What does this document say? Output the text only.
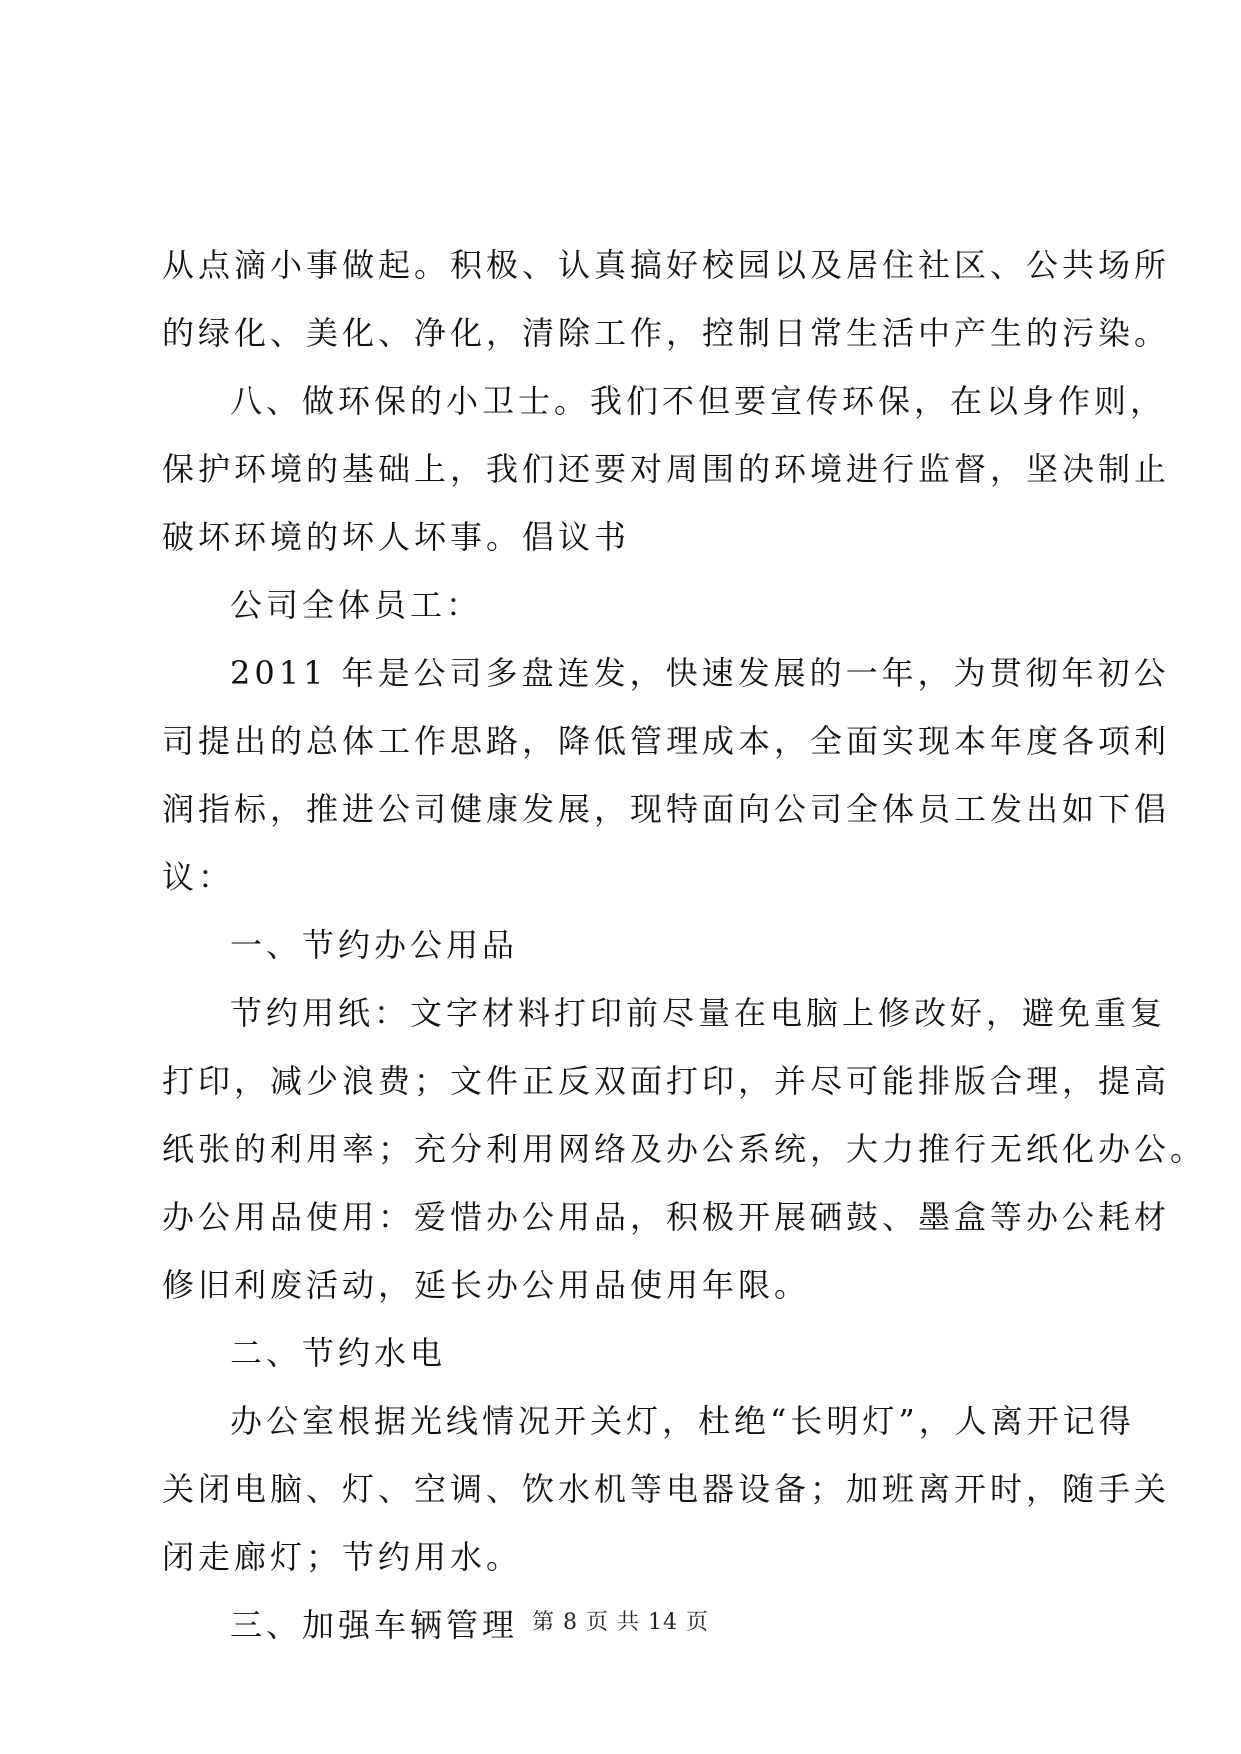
从点滴小事做起。积极、认真搞好校园以及居住社区、公共场所
的绿化、美化、净化，清除工作，控制日常生活中产生的污染。
八、做环保的小卫士。我们不但要宣传环保，在以身作则，
保护环境的基础上，我们还要对周围的环境进行监督，坚决制止
破坏环境的坏人坏事。倡议书
公司全体员工：
2011 年是公司多盘连发，快速发展的一年，为贯彻年初公
司提出的总体工作思路，降低管理成本，全面实现本年度各项利
润指标，推进公司健康发展，现特面向公司全体员工发出如下倡
议：
一、节约办公用品
节约用纸：文字材料打印前尽量在电脑上修改好，避免重复
打印，减少浪费；文件正反双面打印，并尽可能排版合理，提高
纸张的利用率；充分利用网络及办公系统，大力推行无纸化办公。
办公用品使用：爱惜办公用品，积极开展硒鼓、墨盒等办公耗材
修旧利废活动，延长办公用品使用年限。
二、节约水电
办公室根据光线情况开关灯，杜绝“长明灯”，人离开记得
关闭电脑、灯、空调、饮水机等电器设备；加班离开时，随手关
闭走廊灯；节约用水。
三、加强车辆管理 第 8 页 共 14 页
